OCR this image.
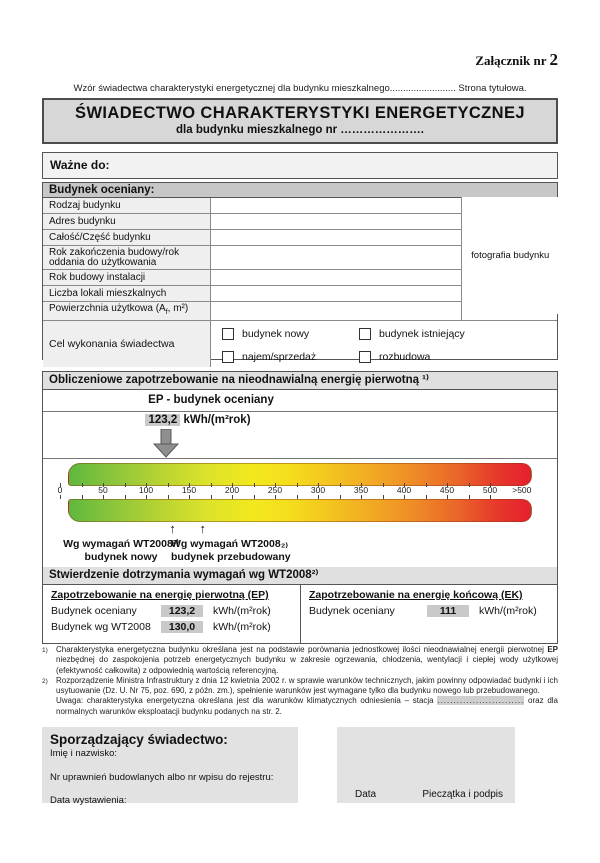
Załącznik nr 2
Wzór świadectwa charakterystyki energetycznej dla budynku mieszkalnego......................... Strona tytułowa.
ŚWIADECTWO CHARAKTERYSTYKI ENERGETYCZNEJ
dla budynku mieszkalnego nr ………………….
Ważne do:
Budynek oceniany:
Rodzaj budynku
Adres budynku
Całość/Część budynku
Rok zakończenia budowy/rok oddania do użytkowania
Rok budowy instalacji
Liczba lokali mieszkalnych
Powierzchnia użytkowa ($A_f$, m²)
fotografia budynku
Cel wykonania świadectwa
budynek nowy	budynek istniejący
najem/sprzedaż	rozbudowa
Obliczeniowe zapotrzebowanie na nieodnawialną energię pierwotną ¹⁾
EP - budynek oceniany
123,2 kWh/(m²rok)
0	50	100	150	200	250	300	350	400	450	500 >500
↑ ↑
Wg wymagań WT2008²⁾
budynek nowy
Wg wymagań WT2008₂₎
budynek przebudowany
Stwierdzenie dotrzymania wymagań wg WT2008²⁾
Zapotrzebowanie na energię pierwotną (EP)
Budynek oceniany	123,2	kWh/(m²rok)
Budynek wg WT2008	130,0	kWh/(m²rok)
Zapotrzebowanie na energię końcową (EK)
Budynek oceniany	111	kWh/(m²rok)
1)	Charakterystyka energetyczna budynku określana jest na podstawie porównania jednostkowej ilości nieodnawialnej energii pierwotnej EP niezbędnej do zaspokojenia potrzeb energetycznych budynku w zakresie ogrzewania, chłodzenia, wentylacji i ciepłej wody użytkowej (efektywność całkowita) z odpowiednią wartością referencyjną.
2)	Rozporządzenie Ministra Infrastruktury z dnia 12 kwietnia 2002 r. w sprawie warunków technicznych, jakim powinny odpowiadać budynki i ich usytuowanie (Dz. U. Nr 75, poz. 690, z późn. zm.), spełnienie warunków jest wymagane tylko dla budynku nowego lub przebudowanego.
Uwaga: charakterystyka energetyczna określana jest dla warunków klimatycznych odniesienia – stacja ........................... oraz dla normalnych warunków eksploatacji budynku podanych na str. 2.
Sporządzający świadectwo:
Imię i nazwisko:
Nr uprawnień budowlanych albo nr wpisu do rejestru:
Data wystawienia:
Data	Pieczątka i podpis
